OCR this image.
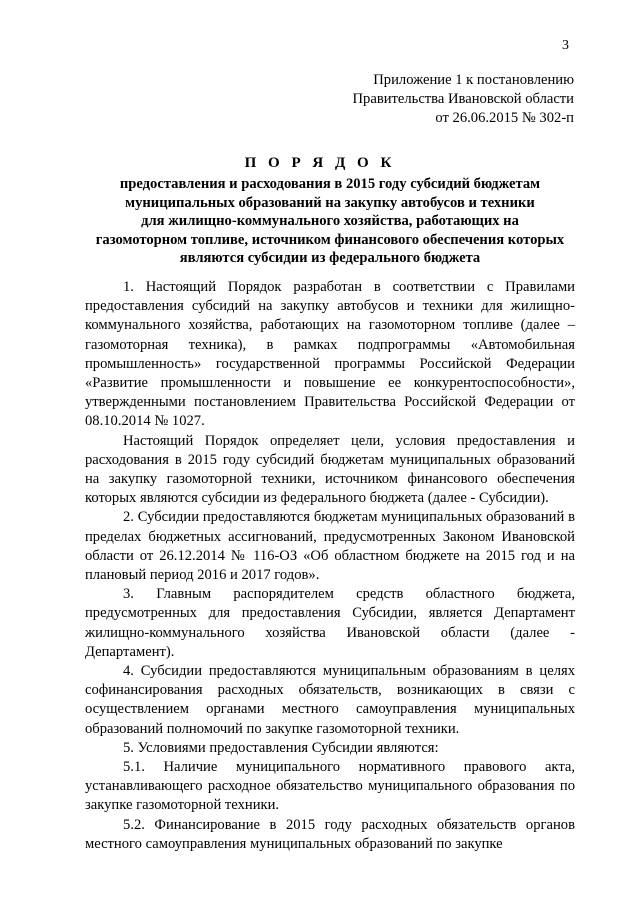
3
Приложение 1 к постановлению
Правительства Ивановской области
от 26.06.2015 № 302-п
П О Р Я Д О К
предоставления и расходования в 2015 году субсидий бюджетам
муниципальных образований на закупку автобусов и техники
для жилищно-коммунального хозяйства, работающих на
газомоторном топливе, источником финансового обеспечения которых
являются субсидии из федерального бюджета

1. Настоящий Порядок разработан в соответствии с Правилами предоставления субсидий на закупку автобусов и техники для жилищно-коммунального хозяйства, работающих на газомоторном топливе (далее – газомоторная техника), в рамках подпрограммы «Автомобильная промышленность» государственной программы Российской Федерации «Развитие промышленности и повышение ее конкурентоспособности», утвержденными постановлением Правительства Российской Федерации от 08.10.2014 № 1027.

Настоящий Порядок определяет цели, условия предоставления и расходования в 2015 году субсидий бюджетам муниципальных образований на закупку газомоторной техники, источником финансового обеспечения которых являются субсидии из федерального бюджета (далее - Субсидии).

2. Субсидии предоставляются бюджетам муниципальных образований в пределах бюджетных ассигнований, предусмотренных Законом Ивановской области от 26.12.2014 № 116-ОЗ «Об областном бюджете на 2015 год и на плановый период 2016 и 2017 годов».

3. Главным распорядителем средств областного бюджета, предусмотренных для предоставления Субсидии, является Департамент жилищно-коммунального хозяйства Ивановской области (далее - Департамент).

4. Субсидии предоставляются муниципальным образованиям в целях софинансирования расходных обязательств, возникающих в связи с осуществлением органами местного самоуправления муниципальных образований полномочий по закупке газомоторной техники.

5. Условиями предоставления Субсидии являются:

5.1. Наличие муниципального нормативного правового акта, устанавливающего расходное обязательство муниципального образования по закупке газомоторной техники.

5.2. Финансирование в 2015 году расходных обязательств органов местного самоуправления муниципальных образований по закупке
